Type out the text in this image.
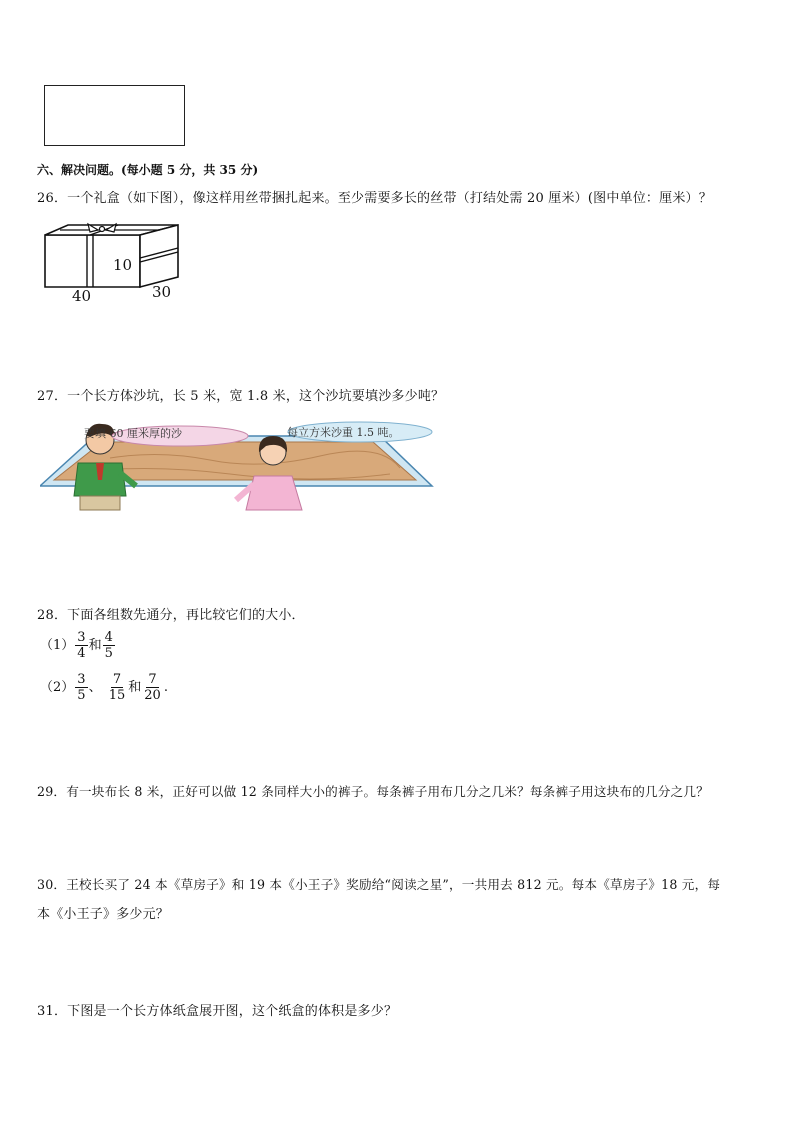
六、解决问题。(每小题 5 分，共 35 分)
26．一个礼盒（如下图），像这样用丝带捆扎起来。至少需要多长的丝带（打结处需 20 厘米）(图中单位：厘米）？
10
40	30
27．一个长方体沙坑，长 5 米，宽 1.8 米，这个沙坑要填沙多少吨？
要填 60 厘米厚的沙	每立方米沙重 1.5 吨。
28．下面各组数先通分，再比较它们的大小．
$(1) \frac{3}{4}$ 和 $\frac{4}{5}$
$(2) \frac{3}{5}$ 、 $\frac{7}{15}$ 和 $\frac{7}{20}$ .
29．有一块布长 8 米，正好可以做 12 条同样大小的裤子。每条裤子用布几分之几米？每条裤子用这块布的几分之几？
30．王校长买了 24 本《草房子》和 19 本《小王子》奖励给“阅读之星”，一共用去 812 元。每本《草房子》18 元，每
本《小王子》多少元？
31．下图是一个长方体纸盒展开图，这个纸盒的体积是多少？
